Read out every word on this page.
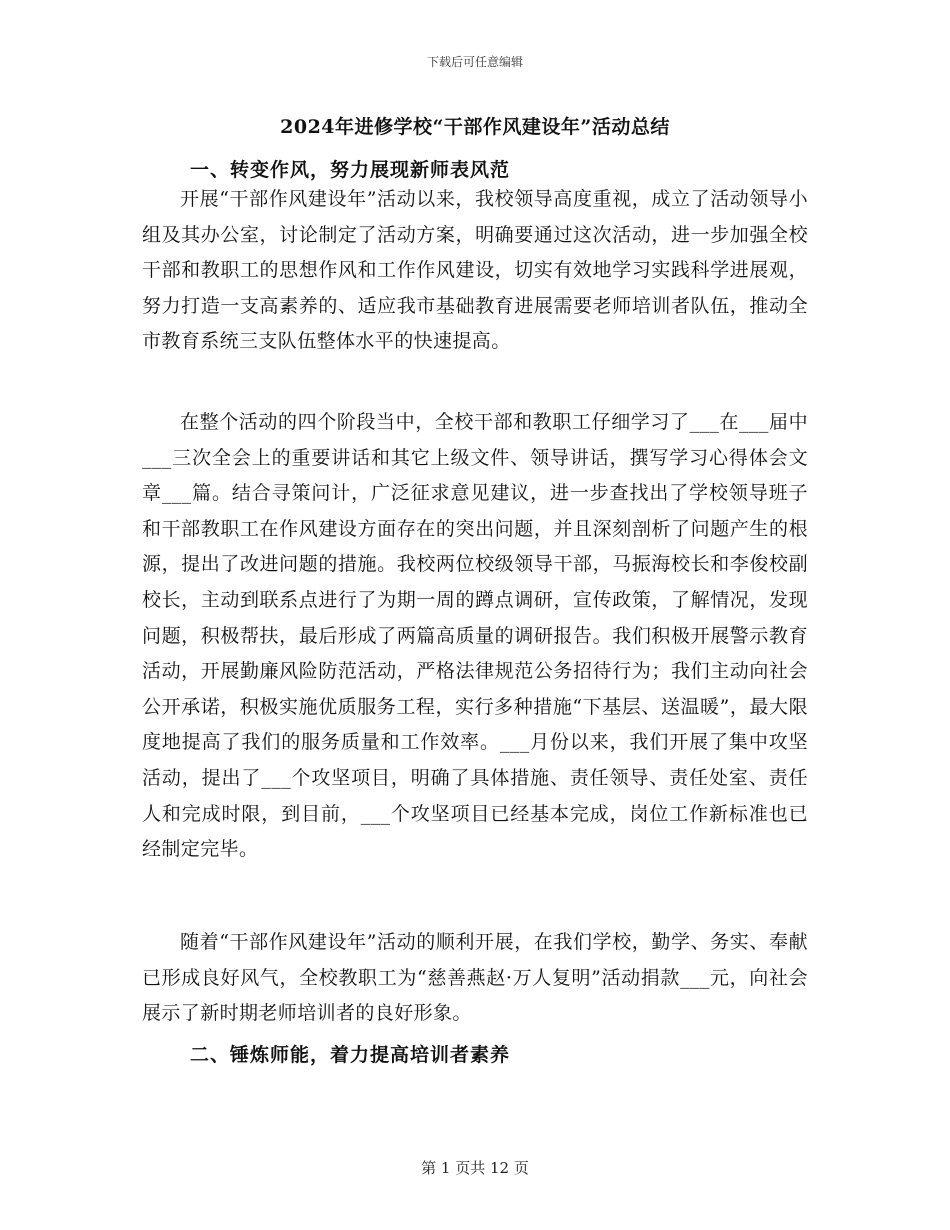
下载后可任意编辑
2024年进修学校“干部作风建设年”活动总结
一、转变作风，努力展现新师表风范

开展“干部作风建设年”活动以来，我校领导高度重视，成立了活动领导小组及其办公室，讨论制定了活动方案，明确要通过这次活动，进一步加强全校干部和教职工的思想作风和工作作风建设，切实有效地学习实践科学进展观，努力打造一支高素养的、适应我市基础教育进展需要老师培训者队伍，推动全市教育系统三支队伍整体水平的快速提高。

在整个活动的四个阶段当中，全校干部和教职工仔细学习了___在___届中___三次全会上的重要讲话和其它上级文件、领导讲话，撰写学习心得体会文章___篇。结合寻策问计，广泛征求意见建议，进一步查找出了学校领导班子和干部教职工在作风建设方面存在的突出问题，并且深刻剖析了问题产生的根源，提出了改进问题的措施。我校两位校级领导干部，马振海校长和李俊校副校长，主动到联系点进行了为期一周的蹲点调研，宣传政策，了解情况，发现问题，积极帮扶，最后形成了两篇高质量的调研报告。我们积极开展警示教育活动，开展勤廉风险防范活动，严格法律规范公务招待行为；我们主动向社会公开承诺，积极实施优质服务工程，实行多种措施“下基层、送温暖”，最大限度地提高了我们的服务质量和工作效率。___月份以来，我们开展了集中攻坚活动，提出了___个攻坚项目，明确了具体措施、责任领导、责任处室、责任人和完成时限，到目前，___个攻坚项目已经基本完成，岗位工作新标准也已经制定完毕。

随着“干部作风建设年”活动的顺利开展，在我们学校，勤学、务实、奉献已形成良好风气，全校教职工为“慈善燕赵·万人复明”活动捐款___元，向社会展示了新时期老师培训者的良好形象。

二、锤炼师能，着力提高培训者素养
第 1 页共 12 页
